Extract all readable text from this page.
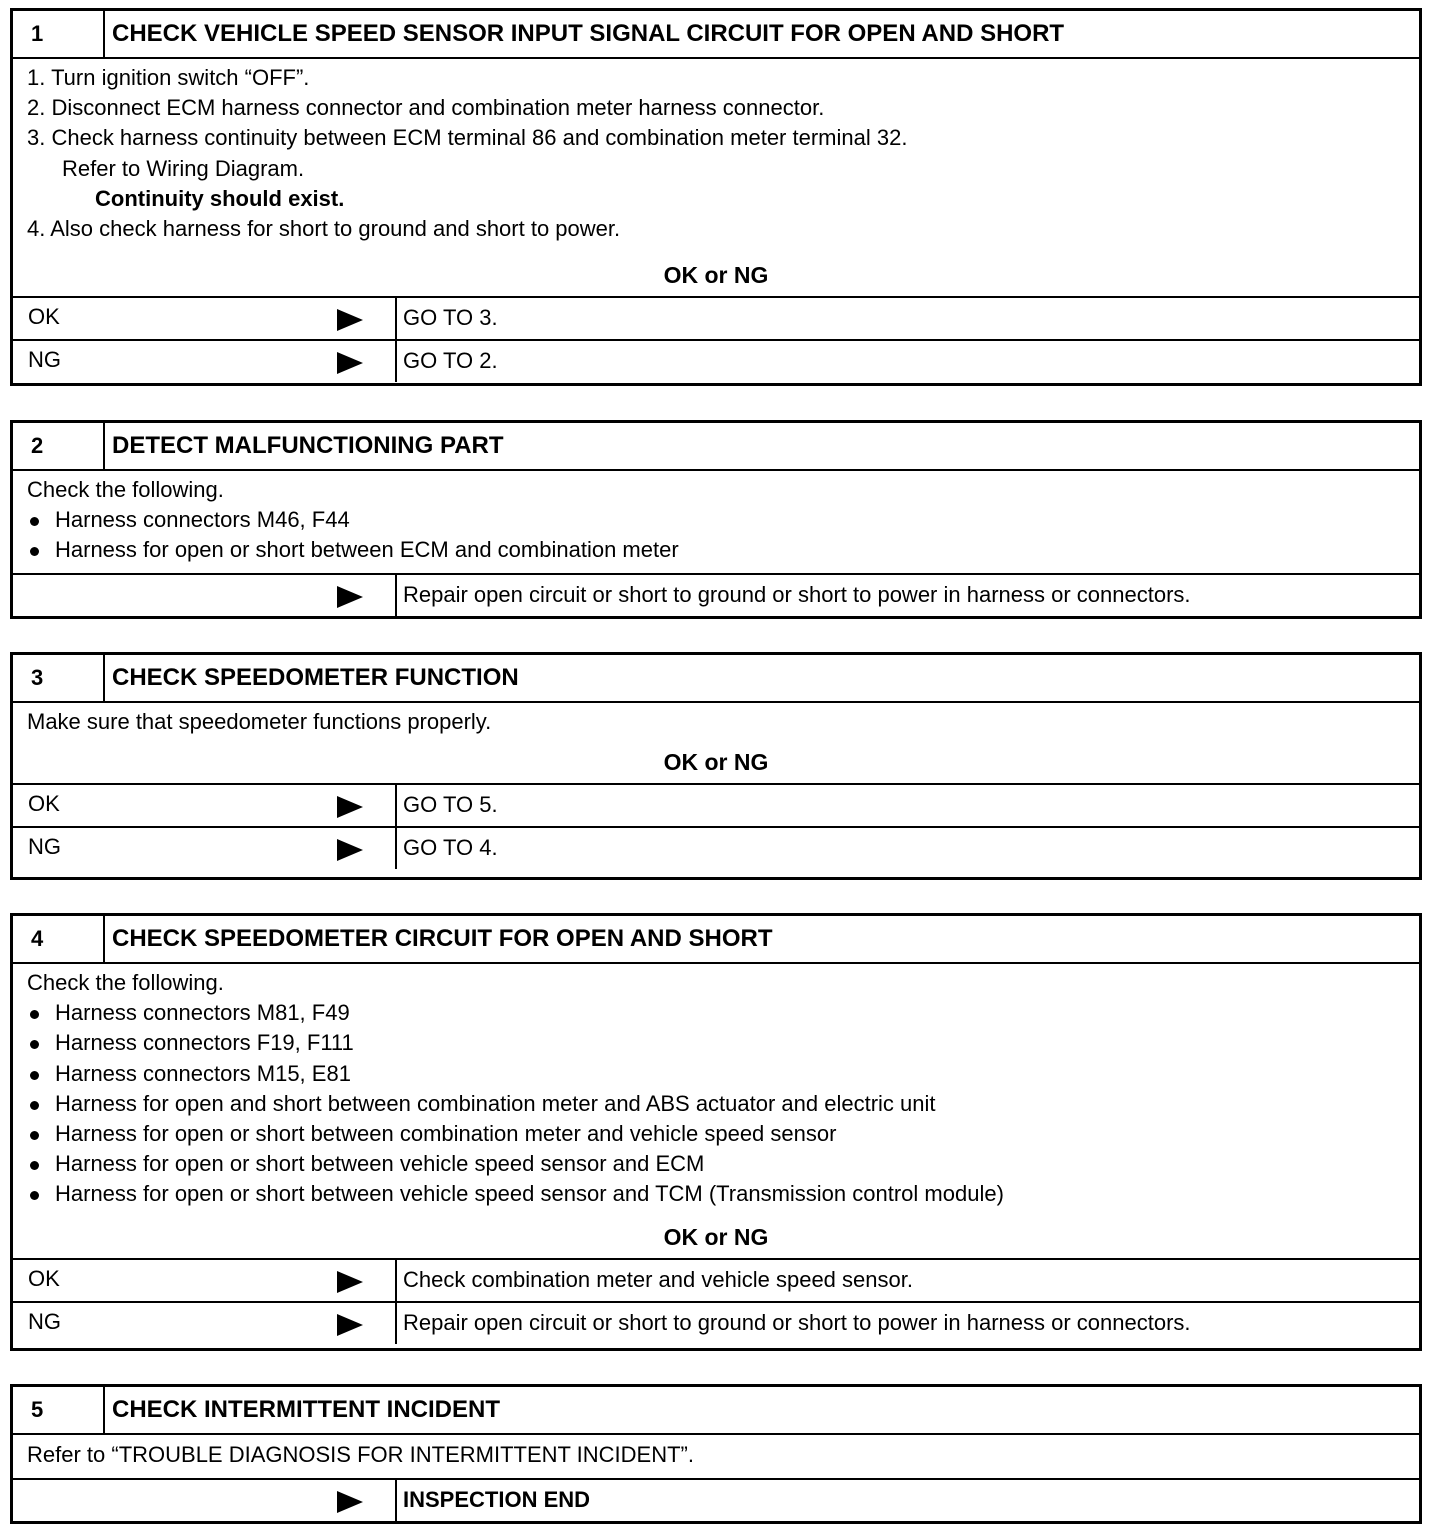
1	CHECK VEHICLE SPEED SENSOR INPUT SIGNAL CIRCUIT FOR OPEN AND SHORT
1. Turn ignition switch “OFF”.
2. Disconnect ECM harness connector and combination meter harness connector.
3. Check harness continuity between ECM terminal 86 and combination meter terminal 32.
Refer to Wiring Diagram.
Continuity should exist.
4. Also check harness for short to ground and short to power.
OK or NG
OK	GO TO 3.
NG	GO TO 2.
2	DETECT MALFUNCTIONING PART
Check the following.
Harness connectors M46, F44
Harness for open or short between ECM and combination meter
Repair open circuit or short to ground or short to power in harness or connectors.
3	CHECK SPEEDOMETER FUNCTION
Make sure that speedometer functions properly.
OK or NG
OK	GO TO 5.
NG	GO TO 4.
4	CHECK SPEEDOMETER CIRCUIT FOR OPEN AND SHORT
Check the following.
Harness connectors M81, F49
Harness connectors F19, F111
Harness connectors M15, E81
Harness for open and short between combination meter and ABS actuator and electric unit
Harness for open or short between combination meter and vehicle speed sensor
Harness for open or short between vehicle speed sensor and ECM
Harness for open or short between vehicle speed sensor and TCM (Transmission control module)
OK or NG
OK	Check combination meter and vehicle speed sensor.
NG	Repair open circuit or short to ground or short to power in harness or connectors.
5	CHECK INTERMITTENT INCIDENT
Refer to “TROUBLE DIAGNOSIS FOR INTERMITTENT INCIDENT”.
INSPECTION END
